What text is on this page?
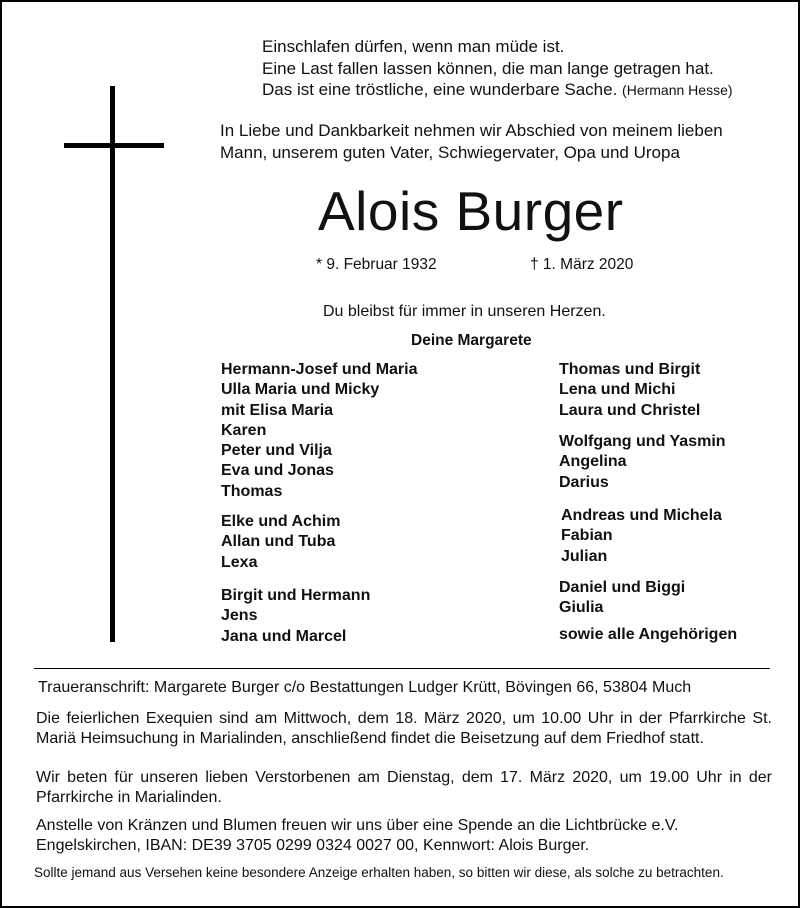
Einschlafen dürfen, wenn man müde ist.
Eine Last fallen lassen können, die man lange getragen hat.
Das ist eine tröstliche, eine wunderbare Sache. (Hermann Hesse)
In Liebe und Dankbarkeit nehmen wir Abschied von meinem lieben
Mann, unserem guten Vater, Schwiegervater, Opa und Uropa
Alois Burger
* 9. Februar 1932	† 1. März 2020
Du bleibst für immer in unseren Herzen.
Deine Margarete
Hermann-Josef und Maria
Ulla Maria und Micky
mit Elisa Maria
Karen
Peter und Vilja
Eva und Jonas
Thomas
Elke und Achim
Allan und Tuba
Lexa
Birgit und Hermann
Jens
Jana und Marcel
Thomas und Birgit
Lena und Michi
Laura und Christel
Wolfgang und Yasmin
Angelina
Darius
Andreas und Michela
Fabian
Julian
Daniel und Biggi
Giulia
sowie alle Angehörigen
Traueranschrift: Margarete Burger c/o Bestattungen Ludger Krütt, Bövingen 66, 53804 Much
Die feierlichen Exequien sind am Mittwoch, dem 18. März 2020, um 10.00 Uhr in der Pfarrkirche St. Mariä Heimsuchung in Marialinden, anschließend findet die Beisetzung auf dem Friedhof statt.
Wir beten für unseren lieben Verstorbenen am Dienstag, dem 17. März 2020, um 19.00 Uhr in der Pfarrkirche in Marialinden.
Anstelle von Kränzen und Blumen freuen wir uns über eine Spende an die Lichtbrücke e.V.
Engelskirchen, IBAN: DE39 3705 0299 0324 0027 00, Kennwort: Alois Burger.
Sollte jemand aus Versehen keine besondere Anzeige erhalten haben, so bitten wir diese, als solche zu betrachten.
